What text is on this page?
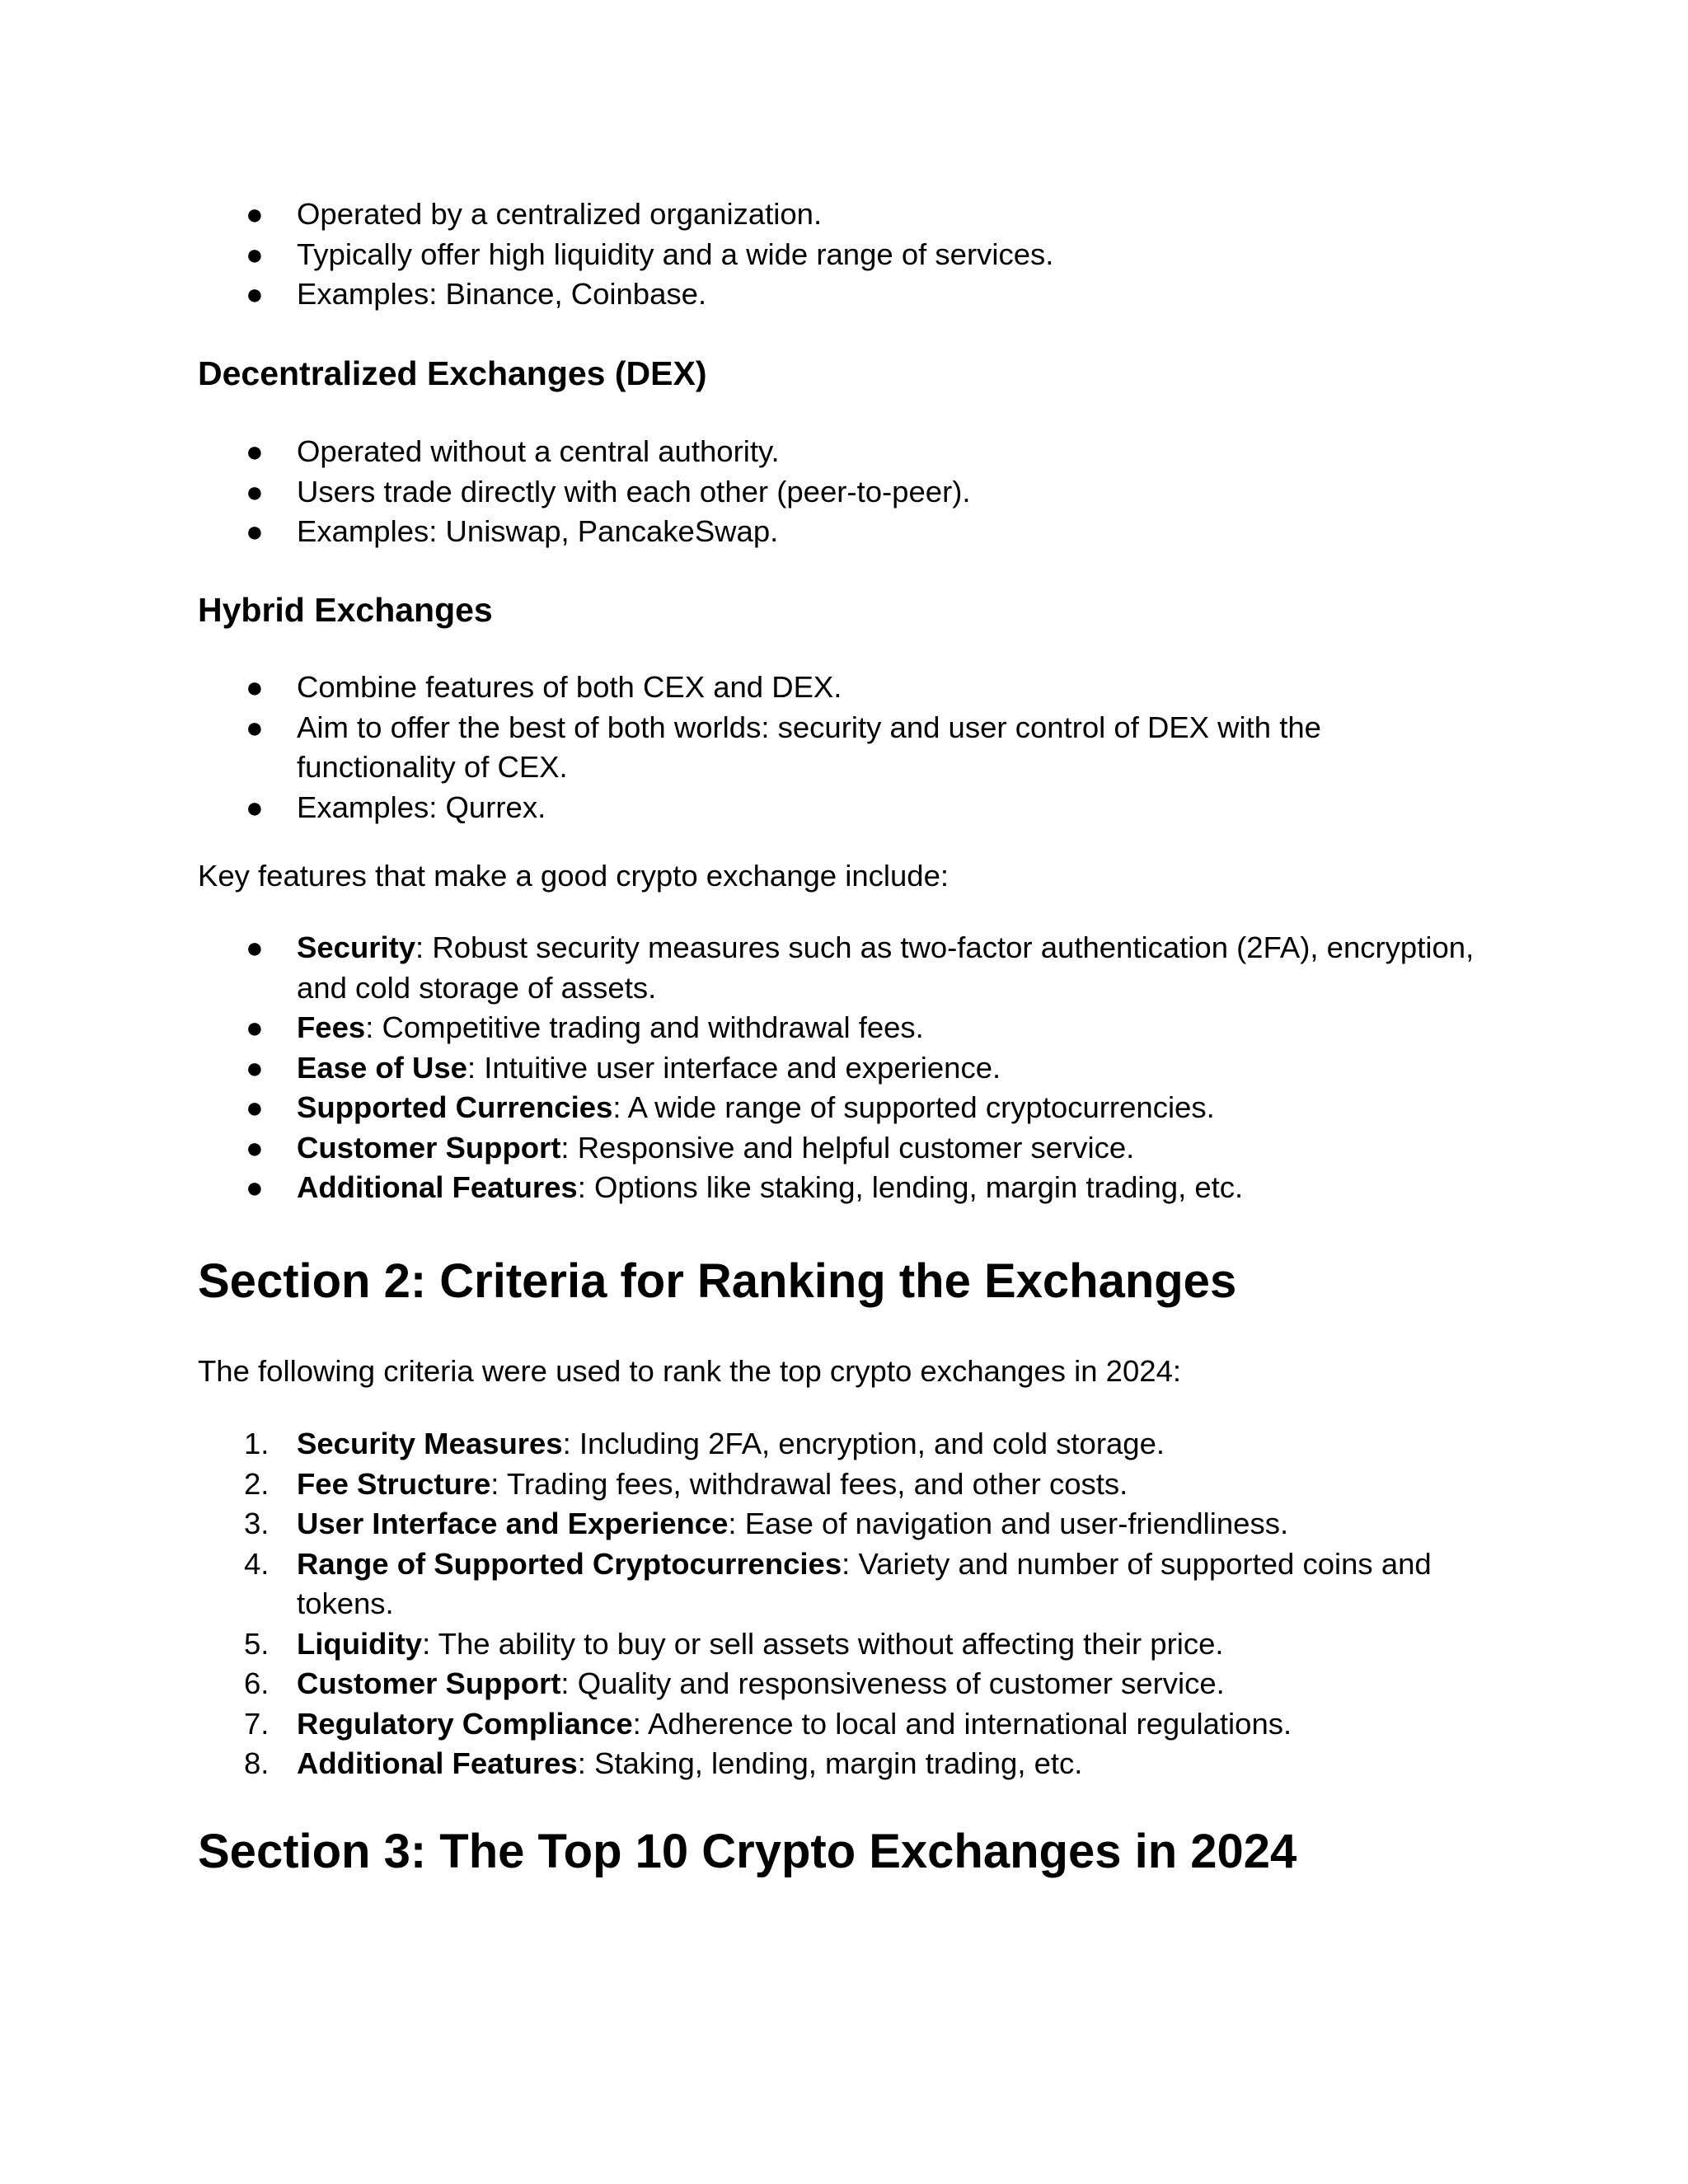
● Operated by a centralized organization.
● Typically offer high liquidity and a wide range of services.
● Examples: Binance, Coinbase.
Decentralized Exchanges (DEX)
● Operated without a central authority.
● Users trade directly with each other (peer-to-peer).
● Examples: Uniswap, PancakeSwap.
Hybrid Exchanges
● Combine features of both CEX and DEX.
● Aim to offer the best of both worlds: security and user control of DEX with the functionality of CEX.
● Examples: Qurrex.
Key features that make a good crypto exchange include:
● Security: Robust security measures such as two-factor authentication (2FA), encryption, and cold storage of assets.
● Fees: Competitive trading and withdrawal fees.
● Ease of Use: Intuitive user interface and experience.
● Supported Currencies: A wide range of supported cryptocurrencies.
● Customer Support: Responsive and helpful customer service.
● Additional Features: Options like staking, lending, margin trading, etc.
Section 2: Criteria for Ranking the Exchanges
The following criteria were used to rank the top crypto exchanges in 2024:
1. Security Measures: Including 2FA, encryption, and cold storage.
2. Fee Structure: Trading fees, withdrawal fees, and other costs.
3. User Interface and Experience: Ease of navigation and user-friendliness.
4. Range of Supported Cryptocurrencies: Variety and number of supported coins and tokens.
5. Liquidity: The ability to buy or sell assets without affecting their price.
6. Customer Support: Quality and responsiveness of customer service.
7. Regulatory Compliance: Adherence to local and international regulations.
8. Additional Features: Staking, lending, margin trading, etc.
Section 3: The Top 10 Crypto Exchanges in 2024
